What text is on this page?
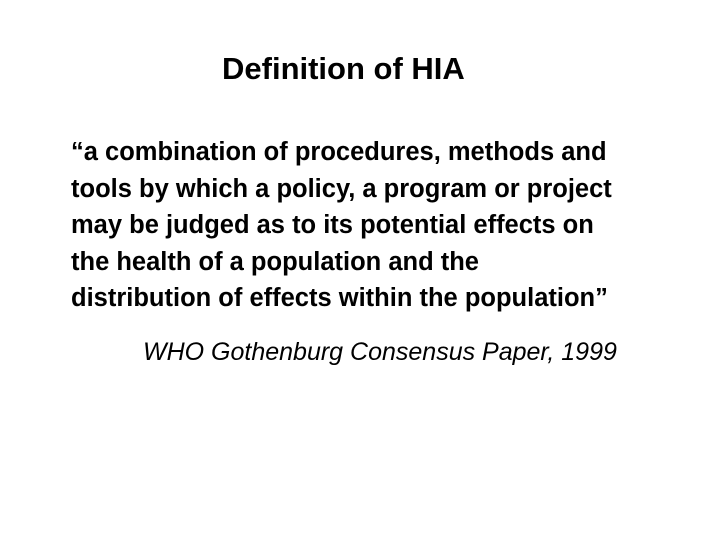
Definition of HIA
“a combination of procedures, methods and
tools by which a policy, a program or project
may be judged as to its potential effects on
the health of a population and the
distribution of effects within the population”
WHO Gothenburg Consensus Paper, 1999
